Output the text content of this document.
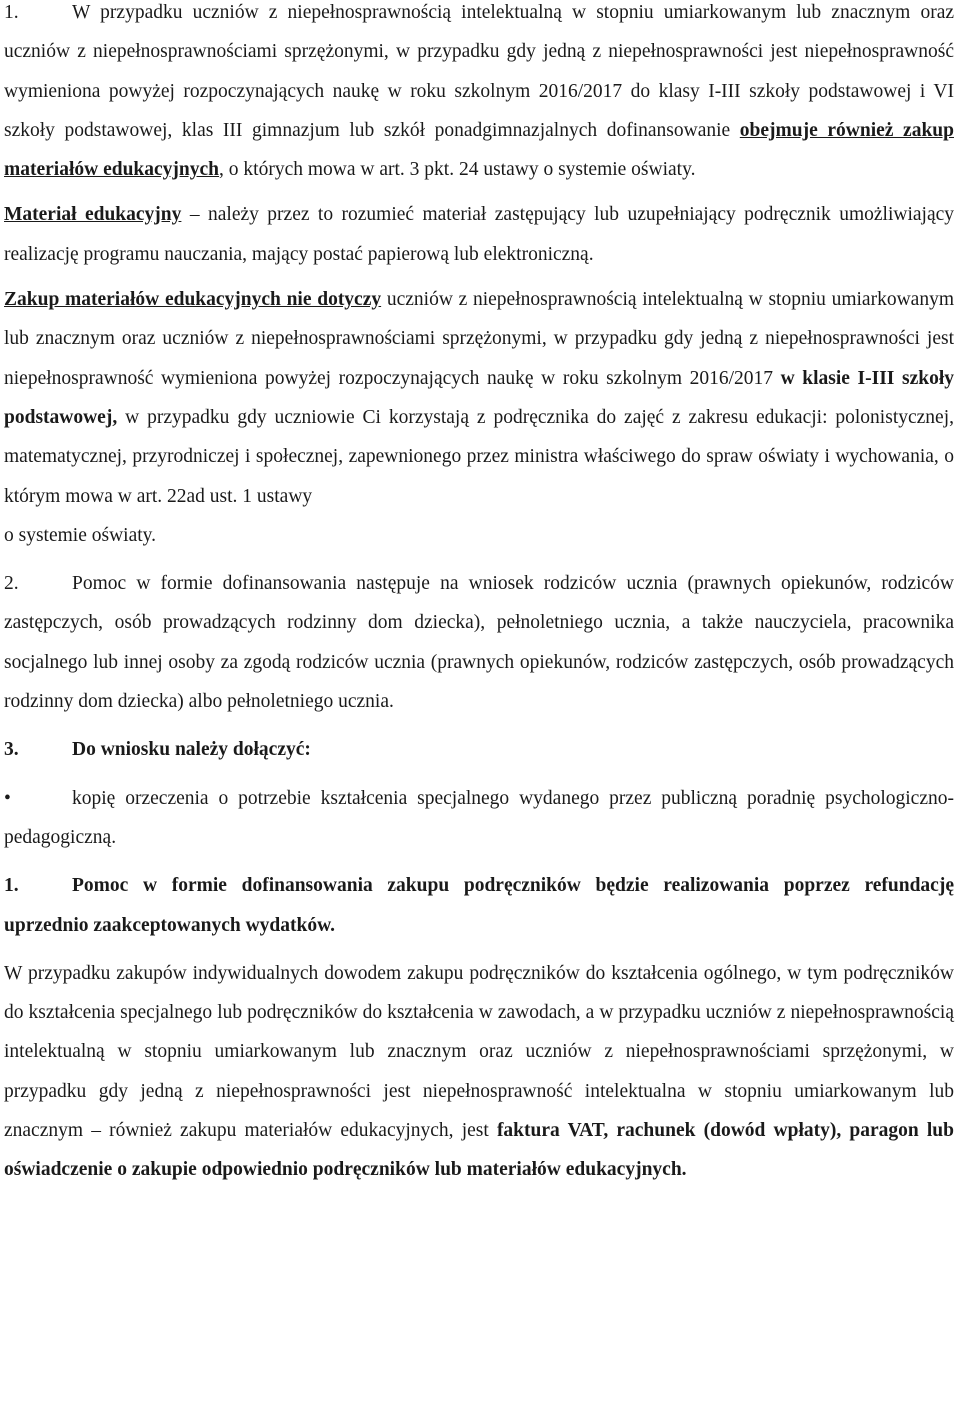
1.	W przypadku uczniów z niepełnosprawnością intelektualną w stopniu umiarkowanym lub znacznym oraz uczniów z niepełnosprawnościami sprzężonymi, w przypadku gdy jedną z niepełnosprawności jest niepełnosprawność wymieniona powyżej rozpoczynających naukę w roku szkolnym 2016/2017 do klasy I-III szkoły podstawowej i VI szkoły podstawowej, klas III gimnazjum lub szkół ponadgimnazjalnych dofinansowanie obejmuje również zakup materiałów edukacyjnych, o których mowa w art. 3 pkt. 24 ustawy o systemie oświaty.

Materiał edukacyjny – należy przez to rozumieć materiał zastępujący lub uzupełniający podręcznik umożliwiający realizację programu nauczania, mający postać papierową lub elektroniczną.

Zakup materiałów edukacyjnych nie dotyczy uczniów z niepełnosprawnością intelektualną w stopniu umiarkowanym lub znacznym oraz uczniów z niepełnosprawnościami sprzężonymi, w przypadku gdy jedną z niepełnosprawności jest niepełnosprawność wymieniona powyżej rozpoczynających naukę w roku szkolnym 2016/2017 w klasie I-III szkoły podstawowej, w przypadku gdy uczniowie Ci korzystają z podręcznika do zajęć z zakresu edukacji: polonistycznej, matematycznej, przyrodniczej i społecznej, zapewnionego przez ministra właściwego do spraw oświaty i wychowania, o którym mowa w art. 22ad ust. 1 ustawy

o systemie oświaty.

2.	Pomoc w formie dofinansowania następuje na wniosek rodziców ucznia (prawnych opiekunów, rodziców zastępczych, osób prowadzących rodzinny dom dziecka), pełnoletniego ucznia, a także nauczyciela, pracownika socjalnego lub innej osoby za zgodą rodziców ucznia (prawnych opiekunów, rodziców zastępczych, osób prowadzących rodzinny dom dziecka) albo pełnoletniego ucznia.

3.	Do wniosku należy dołączyć:

•	kopię orzeczenia o potrzebie kształcenia specjalnego wydanego przez publiczną poradnię psychologiczno-pedagogiczną.

1.	Pomoc w formie dofinansowania zakupu podręczników będzie realizowania poprzez refundację uprzednio zaakceptowanych wydatków.

W przypadku zakupów indywidualnych dowodem zakupu podręczników do kształcenia ogólnego, w tym podręczników do kształcenia specjalnego lub podręczników do kształcenia w zawodach, a w przypadku uczniów z niepełnosprawnością intelektualną w stopniu umiarkowanym lub znacznym oraz uczniów z niepełnosprawnościami sprzężonymi, w przypadku gdy jedną z niepełnosprawności jest niepełnosprawność intelektualna w stopniu umiarkowanym lub znacznym – również zakupu materiałów edukacyjnych, jest faktura VAT, rachunek (dowód wpłaty), paragon lub oświadczenie o zakupie odpowiednio podręczników lub materiałów edukacyjnych.
